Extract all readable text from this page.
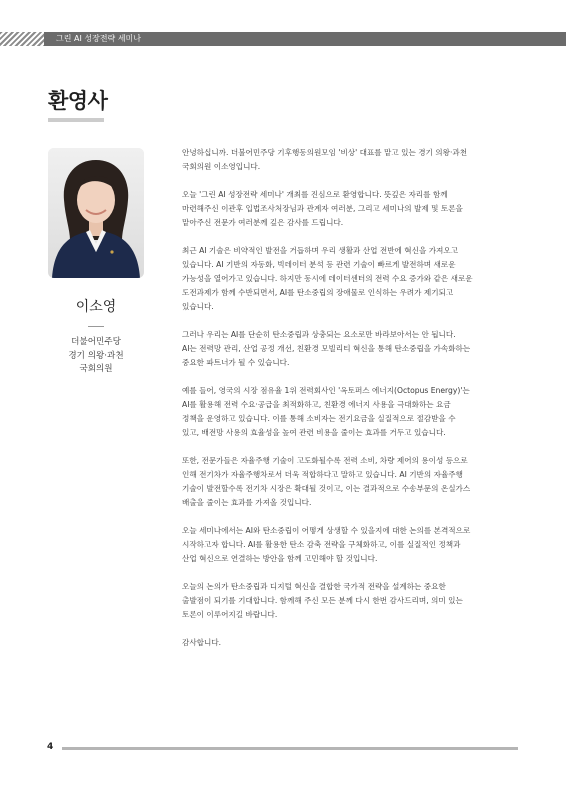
그린 AI 성장전략 세미나
환영사
이소영
더불어민주당
경기 의왕·과천
국회의원

안녕하십니까. 더불어민주당 기후행동의원모임 '비상' 대표를 맡고 있는 경기 의왕·과천
국회의원 이소영입니다.

오늘 '그린 AI 성장전략 세미나' 개최를 진심으로 환영합니다. 뜻깊은 자리를 함께
마련해주신 이관후 입법조사처장님과 관계자 여러분, 그리고 세미나의 발제 및 토론을
맡아주신 전문가 여러분께 깊은 감사를 드립니다.

최근 AI 기술은 비약적인 발전을 거듭하며 우리 생활과 산업 전반에 혁신을 가져오고
있습니다. AI 기반의 자동화, 빅데이터 분석 등 관련 기술이 빠르게 발전하며 새로운
가능성을 열어가고 있습니다. 하지만 동시에 데이터센터의 전력 수요 증가와 같은 새로운
도전과제가 함께 수반되면서, AI를 탄소중립의 장애물로 인식하는 우려가 제기되고
있습니다.

그러나 우리는 AI를 단순히 탄소중립과 상충되는 요소로만 바라보아서는 안 됩니다.
AI는 전력망 관리, 산업 공정 개선, 친환경 모빌리티 혁신을 통해 탄소중립을 가속화하는
중요한 파트너가 될 수 있습니다.

예를 들어, 영국의 시장 점유율 1위 전력회사인 '옥토퍼스 에너지(Octopus Energy)'는
AI를 활용해 전력 수요·공급을 최적화하고, 친환경 에너지 사용을 극대화하는 요금
정책을 운영하고 있습니다. 이를 통해 소비자는 전기요금을 실질적으로 절감받을 수
있고, 배전망 사용의 효율성을 높여 관련 비용을 줄이는 효과를 거두고 있습니다.

또한, 전문가들은 자율주행 기술이 고도화될수록 전력 소비, 차량 제어의 용이성 등으로
인해 전기차가 자율주행차로서 더욱 적합하다고 말하고 있습니다. AI 기반의 자율주행
기술이 발전할수록 전기차 시장은 확대될 것이고, 이는 결과적으로 수송부문의 온실가스
배출을 줄이는 효과를 가져올 것입니다.

오늘 세미나에서는 AI와 탄소중립이 어떻게 상생할 수 있을지에 대한 논의를 본격적으로
시작하고자 합니다. AI를 활용한 탄소 감축 전략을 구체화하고, 이를 실질적인 정책과
산업 혁신으로 연결하는 방안을 함께 고민해야 할 것입니다.

오늘의 논의가 탄소중립과 디지털 혁신을 결합한 국가적 전략을 설계하는 중요한
출발점이 되기를 기대합니다. 함께해 주신 모든 분께 다시 한번 감사드리며, 의미 있는
토론이 이루어지길 바랍니다.

감사합니다.

4
